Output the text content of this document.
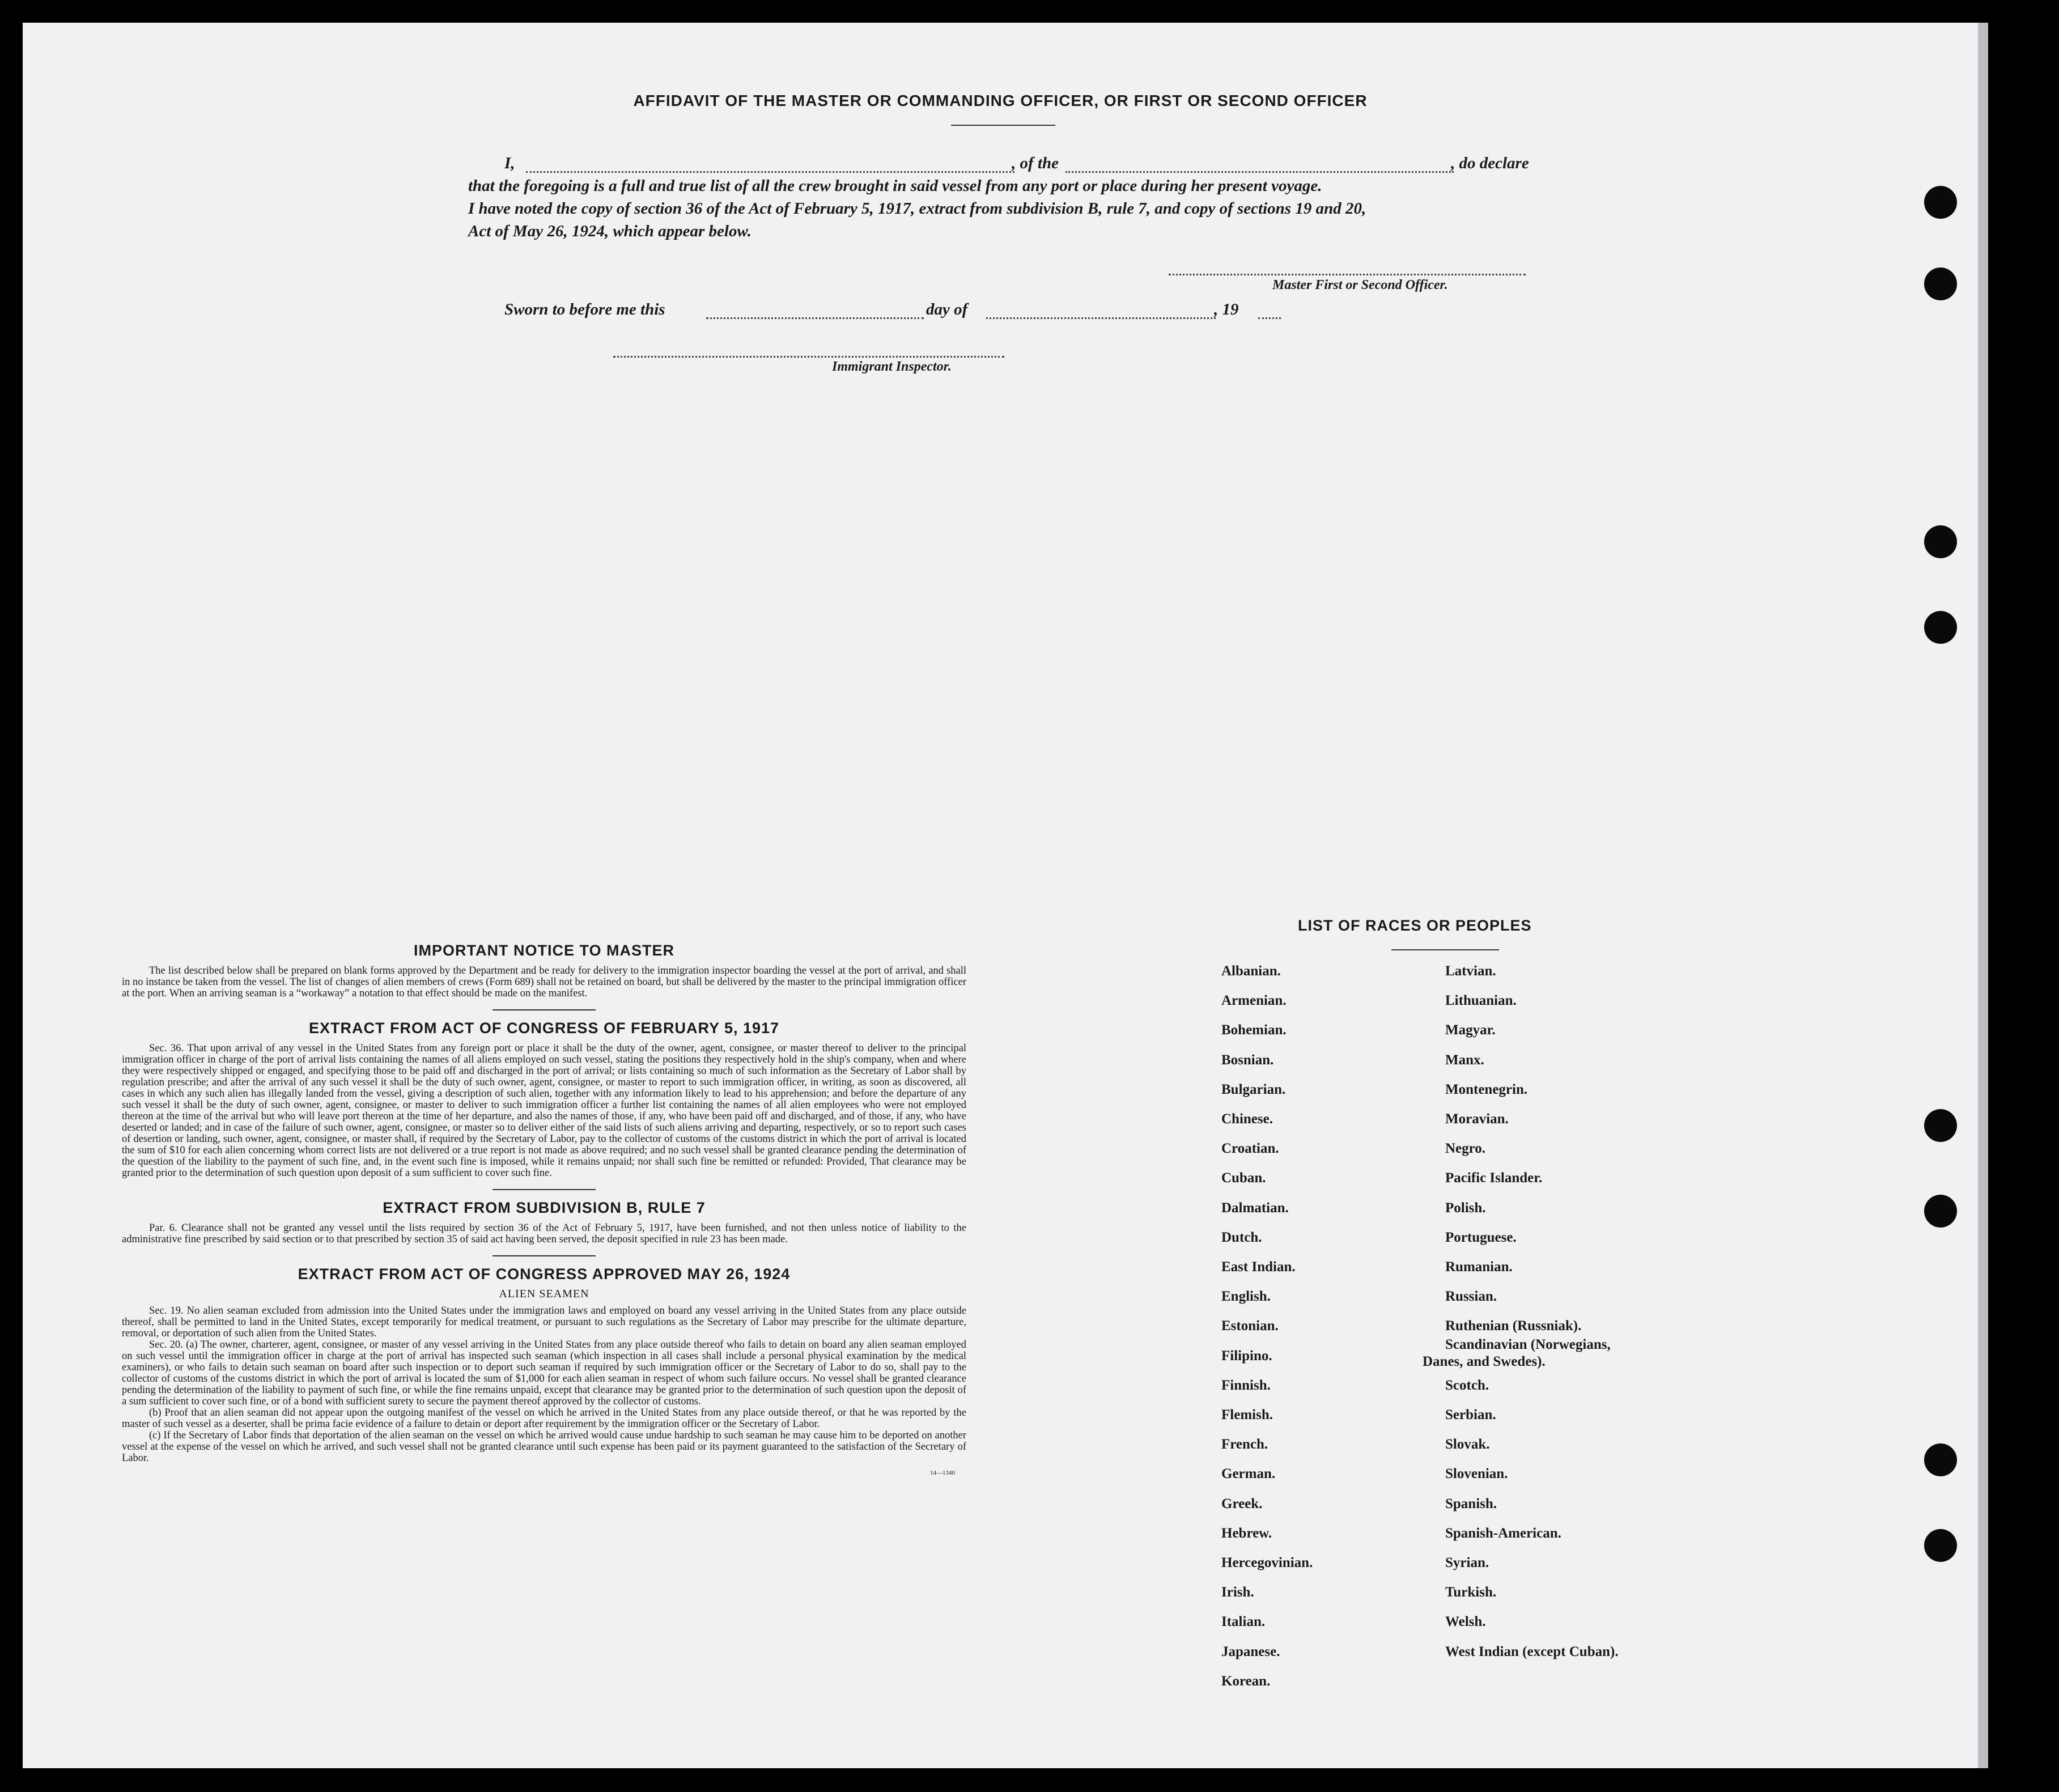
AFFIDAVIT OF THE MASTER OR COMMANDING OFFICER, OR FIRST OR SECOND OFFICER
I,	, of the	, do declare
that the foregoing is a full and true list of all the crew brought in said vessel from any port or place during her present voyage.
I have noted the copy of section 36 of the Act of February 5, 1917, extract from subdivision B, rule 7, and copy of sections 19 and 20,
Act of May 26, 1924, which appear below.
Master First or Second Officer.
Sworn to before me this	day of	, 19
Immigrant Inspector.
IMPORTANT NOTICE TO MASTER

The list described below shall be prepared on blank forms approved by the Department and be ready for delivery to the immigration inspector boarding the vessel at the port of arrival, and shall in no instance be taken from the vessel. The list of changes of alien members of crews (Form 689) shall not be retained on board, but shall be delivered by the master to the principal immigration officer at the port. When an arriving seaman is a “workaway” a notation to that effect should be made on the manifest.

EXTRACT FROM ACT OF CONGRESS OF FEBRUARY 5, 1917

Sec. 36. That upon arrival of any vessel in the United States from any foreign port or place it shall be the duty of the owner, agent, consignee, or master thereof to deliver to the principal immigration officer in charge of the port of arrival lists containing the names of all aliens employed on such vessel, stating the positions they respectively hold in the ship's company, when and where they were respectively shipped or engaged, and specifying those to be paid off and discharged in the port of arrival; or lists containing so much of such information as the Secretary of Labor shall by regulation prescribe; and after the arrival of any such vessel it shall be the duty of such owner, agent, consignee, or master to report to such immigration officer, in writing, as soon as discovered, all cases in which any such alien has illegally landed from the vessel, giving a description of such alien, together with any information likely to lead to his apprehension; and before the departure of any such vessel it shall be the duty of such owner, agent, consignee, or master to deliver to such immigration officer a further list containing the names of all alien employees who were not employed thereon at the time of the arrival but who will leave port thereon at the time of her departure, and also the names of those, if any, who have been paid off and discharged, and of those, if any, who have deserted or landed; and in case of the failure of such owner, agent, consignee, or master so to deliver either of the said lists of such aliens arriving and departing, respectively, or so to report such cases of desertion or landing, such owner, agent, consignee, or master shall, if required by the Secretary of Labor, pay to the collector of customs of the customs district in which the port of arrival is located the sum of $10 for each alien concerning whom correct lists are not delivered or a true report is not made as above required; and no such vessel shall be granted clearance pending the determination of the question of the liability to the payment of such fine, and, in the event such fine is imposed, while it remains unpaid; nor shall such fine be remitted or refunded: Provided, That clearance may be granted prior to the determination of such question upon deposit of a sum sufficient to cover such fine.

EXTRACT FROM SUBDIVISION B, RULE 7

Par. 6. Clearance shall not be granted any vessel until the lists required by section 36 of the Act of February 5, 1917, have been furnished, and not then unless notice of liability to the administrative fine prescribed by said section or to that prescribed by section 35 of said act having been served, the deposit specified in rule 23 has been made.

EXTRACT FROM ACT OF CONGRESS APPROVED MAY 26, 1924
ALIEN SEAMEN

Sec. 19. No alien seaman excluded from admission into the United States under the immigration laws and employed on board any vessel arriving in the United States from any place outside thereof, shall be permitted to land in the United States, except temporarily for medical treatment, or pursuant to such regulations as the Secretary of Labor may prescribe for the ultimate departure, removal, or deportation of such alien from the United States.

Sec. 20. (a) The owner, charterer, agent, consignee, or master of any vessel arriving in the United States from any place outside thereof who fails to detain on board any alien seaman employed on such vessel until the immigration officer in charge at the port of arrival has inspected such seaman (which inspection in all cases shall include a personal physical examination by the medical examiners), or who fails to detain such seaman on board after such inspection or to deport such seaman if required by such immigration officer or the Secretary of Labor to do so, shall pay to the collector of customs of the customs district in which the port of arrival is located the sum of $1,000 for each alien seaman in respect of whom such failure occurs. No vessel shall be granted clearance pending the determination of the liability to payment of such fine, or while the fine remains unpaid, except that clearance may be granted prior to the determination of such question upon the deposit of a sum sufficient to cover such fine, or of a bond with sufficient surety to secure the payment thereof approved by the collector of customs.

(b) Proof that an alien seaman did not appear upon the outgoing manifest of the vessel on which he arrived in the United States from any place outside thereof, or that he was reported by the master of such vessel as a deserter, shall be prima facie evidence of a failure to detain or deport after requirement by the immigration officer or the Secretary of Labor.

(c) If the Secretary of Labor finds that deportation of the alien seaman on the vessel on which he arrived would cause undue hardship to such seaman he may cause him to be deported on another vessel at the expense of the vessel on which he arrived, and such vessel shall not be granted clearance until such expense has been paid or its payment guaranteed to the satisfaction of the Secretary of Labor.

14—1340
LIST OF RACES OR PEOPLES
Albanian.
Armenian.
Bohemian.
Bosnian.
Bulgarian.
Chinese.
Croatian.
Cuban.
Dalmatian.
Dutch.
East Indian.
English.
Estonian.
Filipino.
Finnish.
Flemish.
French.
German.
Greek.
Hebrew.
Hercegovinian.
Irish.
Italian.
Japanese.
Korean.
Latvian.
Lithuanian.
Magyar.
Manx.
Montenegrin.
Moravian.
Negro.
Pacific Islander.
Polish.
Portuguese.
Rumanian.
Russian.
Ruthenian (Russniak).
Scandinavian (Norwegians,
Danes, and Swedes).
Scotch.
Serbian.
Slovak.
Slovenian.
Spanish.
Spanish-American.
Syrian.
Turkish.
Welsh.
West Indian (except Cuban).
